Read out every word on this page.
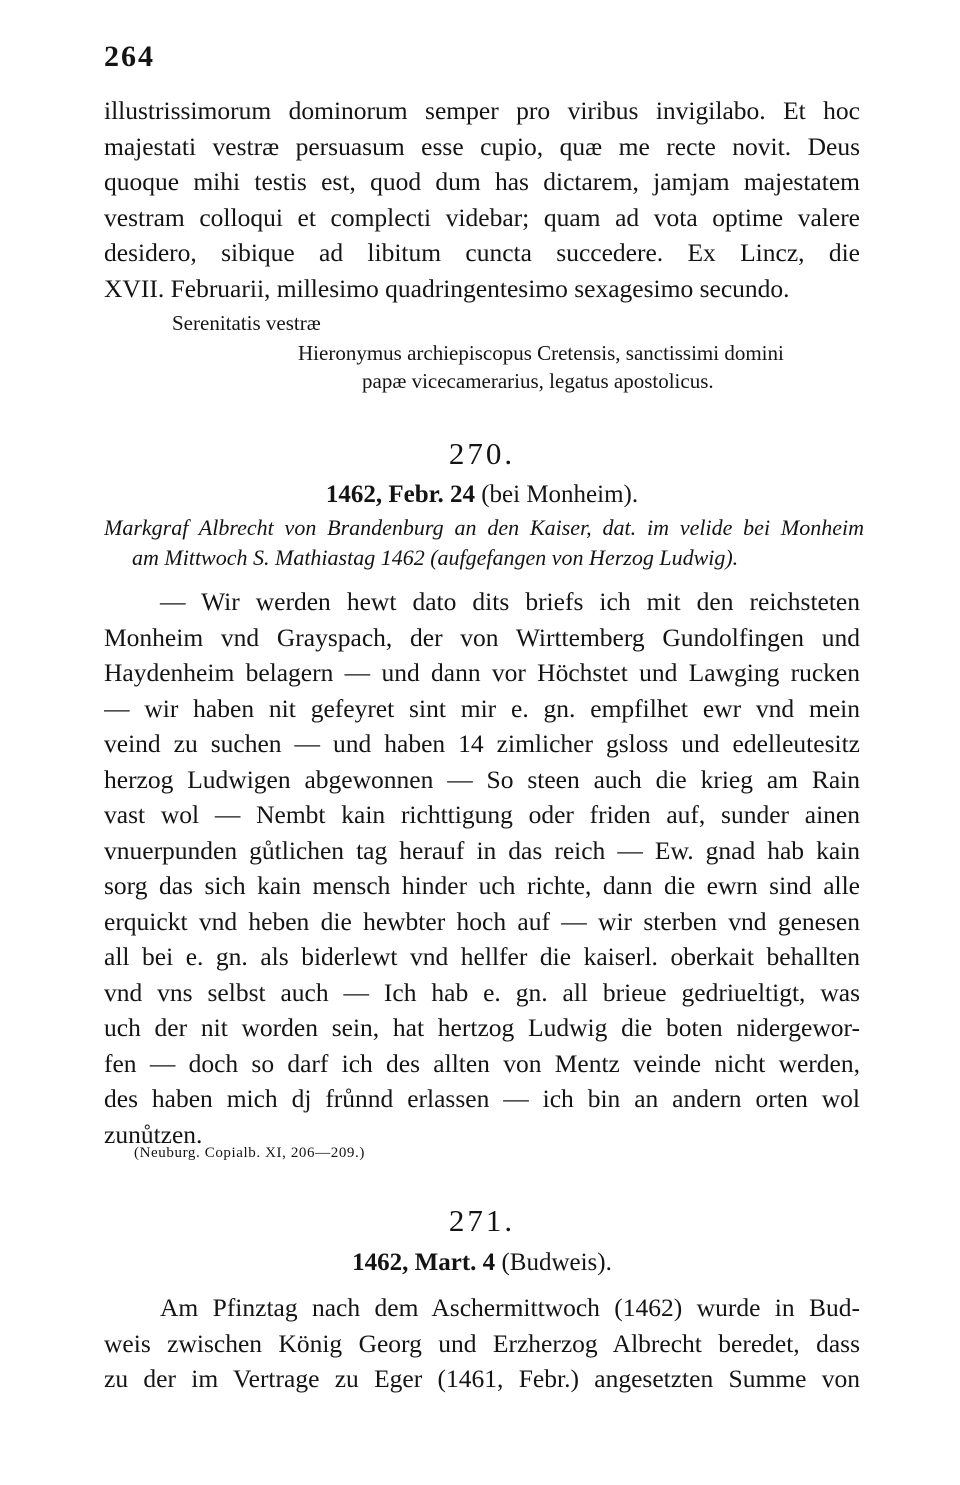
264
illustrissimorum dominorum semper pro viribus invigilabo. Et hoc
majestati vestræ persuasum esse cupio, quæ me recte novit. Deus
quoque mihi testis est, quod dum has dictarem, jamjam majestatem
vestram colloqui et complecti videbar; quam ad vota optime valere
desidero, sibique ad libitum cuncta succedere. Ex Lincz, die
XVII. Februarii, millesimo quadringentesimo sexagesimo secundo.
Serenitatis vestræ
Hieronymus archiepiscopus Cretensis, sanctissimi domini
papæ vicecamerarius, legatus apostolicus.
270.
1462, Febr. 24 (bei Monheim).
Markgraf Albrecht von Brandenburg an den Kaiser, dat. im velide bei Monheim
am Mittwoch S. Mathiastag 1462 (aufgefangen von Herzog Ludwig).
— Wir werden hewt dato dits briefs ich mit den reichsteten
Monheim vnd Grayspach, der von Wirttemberg Gundolfingen und
Haydenheim belagern — und dann vor Höchstet und Lawging rucken
— wir haben nit gefeyret sint mir e. gn. empfilhet ewr vnd mein
veind zu suchen — und haben 14 zimlicher gsloss und edelleutesitz
herzog Ludwigen abgewonnen — So steen auch die krieg am Rain
vast wol — Nembt kain richttigung oder friden auf, sunder ainen
vnuerpunden gůtlichen tag herauf in das reich — Ew. gnad hab kain
sorg das sich kain mensch hinder uch richte, dann die ewrn sind alle
erquickt vnd heben die hewbter hoch auf — wir sterben vnd genesen
all bei e. gn. als biderlewt vnd hellfer die kaiserl. oberkait behallten
vnd vns selbst auch — Ich hab e. gn. all brieue gedriueltigt, was
uch der nit worden sein, hat hertzog Ludwig die boten nidergewor-
fen — doch so darf ich des allten von Mentz veinde nicht werden,
des haben mich dj frůnnd erlassen — ich bin an andern orten wol
zunůtzen.
(Neuburg. Copialb. XI, 206—209.)
271.
1462, Mart. 4 (Budweis).
Am Pfinztag nach dem Aschermittwoch (1462) wurde in Bud-
weis zwischen König Georg und Erzherzog Albrecht beredet, dass
zu der im Vertrage zu Eger (1461, Febr.) angesetzten Summe von
